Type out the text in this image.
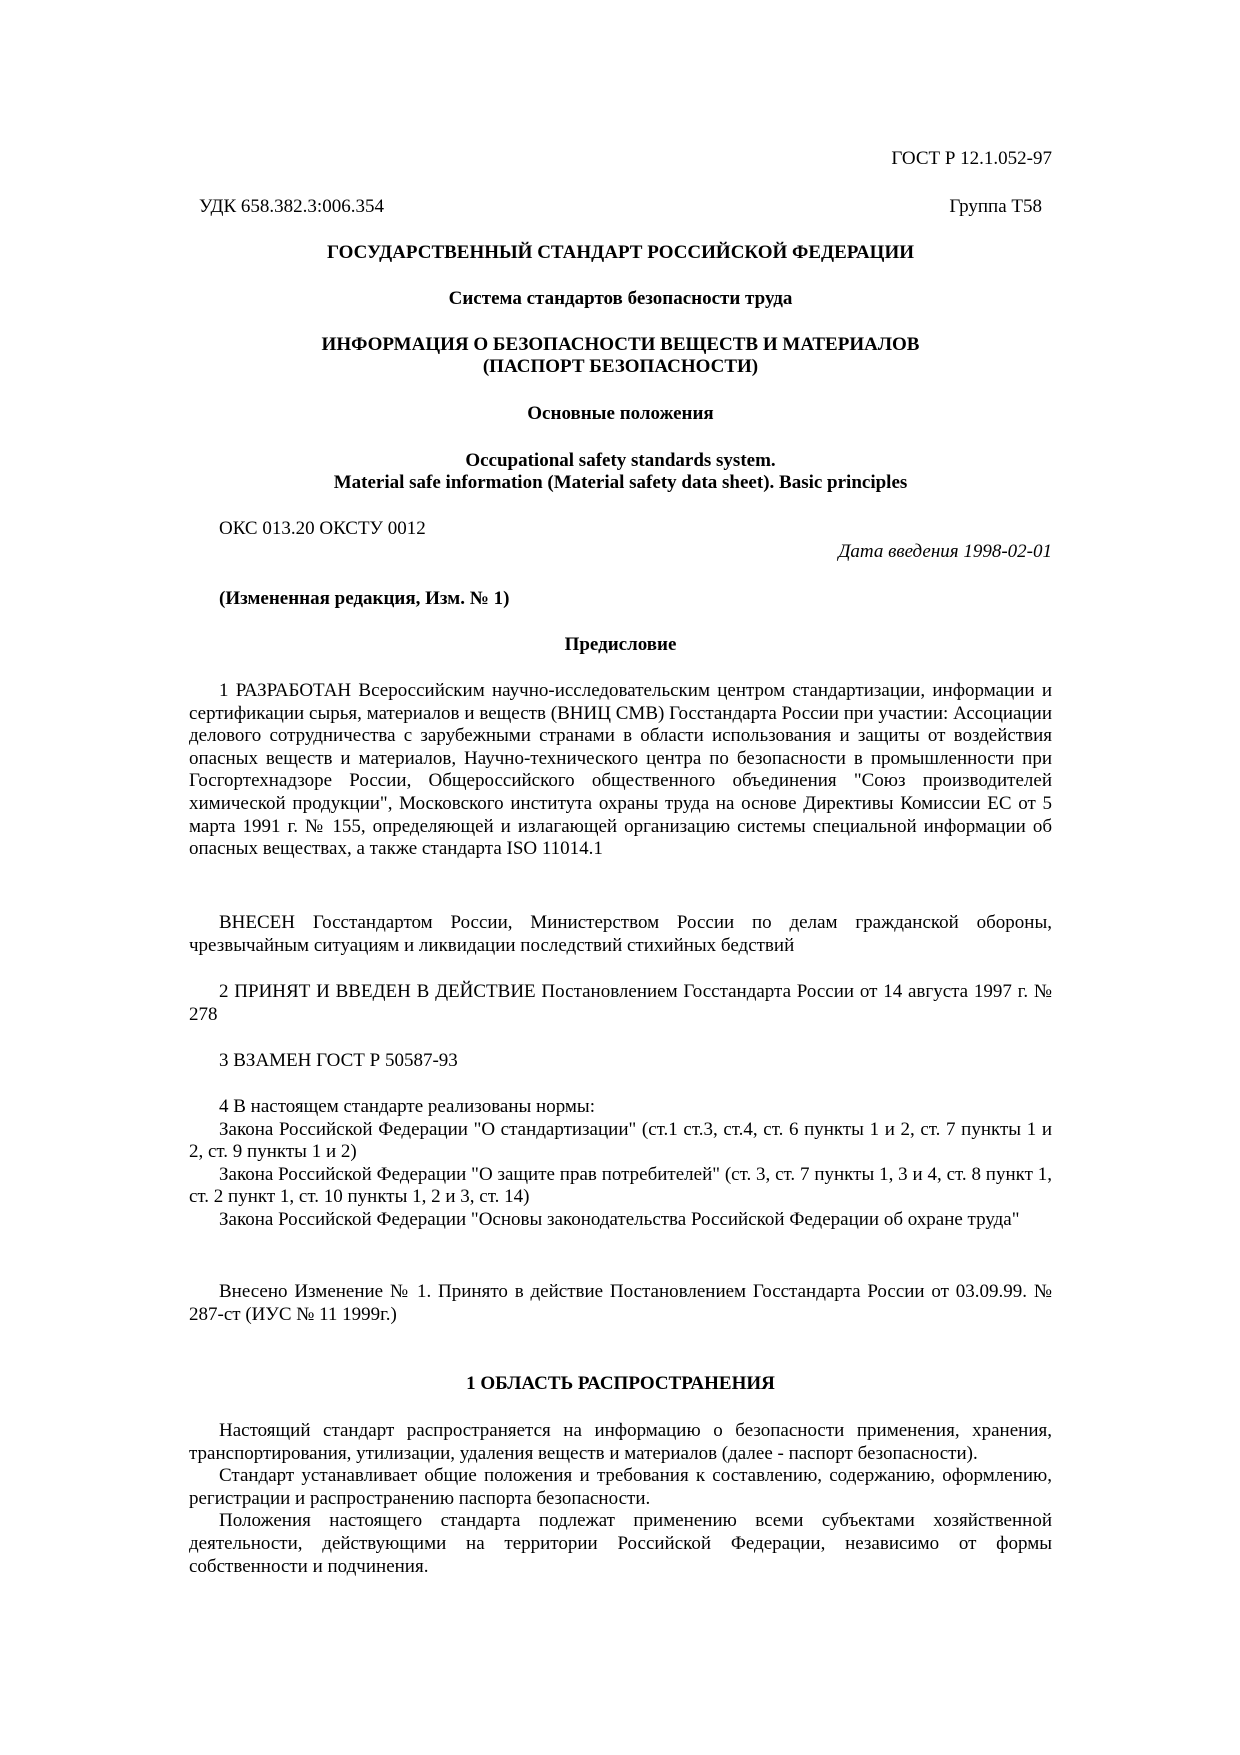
ГОСТ Р 12.1.052-97

УДК 658.382.3:006.354	Группа Т58

ГОСУДАРСТВЕННЫЙ СТАНДАРТ РОССИЙСКОЙ ФЕДЕРАЦИИ

Система стандартов безопасности труда

ИНФОРМАЦИЯ О БЕЗОПАСНОСТИ ВЕЩЕСТВ И МАТЕРИАЛОВ

(ПАСПОРТ БЕЗОПАСНОСТИ)

Основные положения

Occupational safety standards system.

Material safe information (Material safety data sheet). Basic principles

ОКС 013.20 ОКСТУ 0012

Дата введения 1998-02-01

(Измененная редакция, Изм. № 1)

Предисловие

1 РАЗРАБОТАН Всероссийским научно-исследовательским центром стандартизации, информации и сертификации сырья, материалов и веществ (ВНИЦ СМВ) Госстандарта России при участии: Ассоциации делового сотрудничества с зарубежными странами в области использования и защиты от воздействия опасных веществ и материалов, Научно-технического центра по безопасности в промышленности при Госгортехнадзоре России, Общероссийского общественного объединения "Союз производителей химической продукции", Московского института охраны труда на основе Директивы Комиссии ЕС от 5 марта 1991 г. № 155, определяющей и излагающей организацию системы специальной информации об опасных веществах, а также стандарта ISO 11014.1

ВНЕСЕН Госстандартом России, Министерством России по делам гражданской обороны, чрезвычайным ситуациям и ликвидации последствий стихийных бедствий

2 ПРИНЯТ И ВВЕДЕН В ДЕЙСТВИЕ Постановлением Госстандарта России от 14 августа 1997 г. № 278

3 ВЗАМЕН ГОСТ Р 50587-93

4 В настоящем стандарте реализованы нормы:

Закона Российской Федерации "О стандартизации" (ст.1 ст.3, ст.4, ст. 6 пункты 1 и 2, ст. 7 пункты 1 и 2, ст. 9 пункты 1 и 2)

Закона Российской Федерации "О защите прав потребителей" (ст. 3, ст. 7 пункты 1, 3 и 4, ст. 8 пункт 1, ст. 2 пункт 1, ст. 10 пункты 1, 2 и 3, ст. 14)

Закона Российской Федерации "Основы законодательства Российской Федерации об охране труда"

Внесено Изменение № 1. Принято в действие Постановлением Госстандарта России от 03.09.99. № 287-ст (ИУС № 11 1999г.)

1 ОБЛАСТЬ РАСПРОСТРАНЕНИЯ

Настоящий стандарт распространяется на информацию о безопасности применения, хранения, транспортирования, утилизации, удаления веществ и материалов (далее - паспорт безопасности).

Стандарт устанавливает общие положения и требования к составлению, содержанию, оформлению, регистрации и распространению паспорта безопасности.

Положения настоящего стандарта подлежат применению всеми субъектами хозяйственной деятельности, действующими на территории Российской Федерации, независимо от формы собственности и подчинения.
